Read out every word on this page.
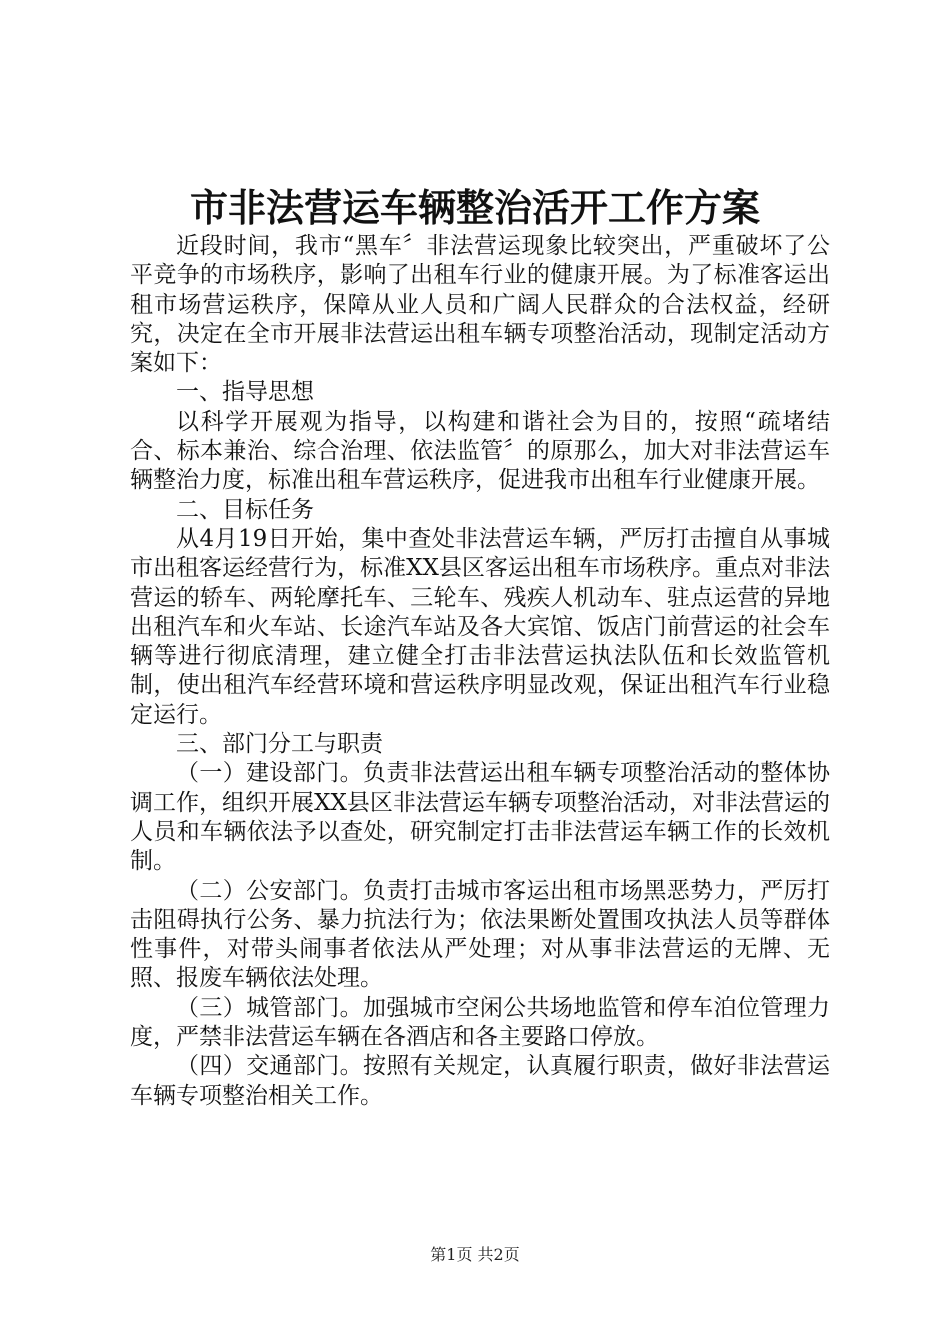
市非法营运车辆整治活开工作方案

近段时间，我市“黑车〞非法营运现象比较突出，严重破坏了公平竞争的市场秩序，影响了出租车行业的健康开展。为了标准客运出租市场营运秩序，保障从业人员和广阔人民群众的合法权益，经研究，决定在全市开展非法营运出租车辆专项整治活动，现制定活动方案如下：

一、指导思想

以科学开展观为指导，以构建和谐社会为目的，按照“疏堵结合、标本兼治、综合治理、依法监管〞的原那么，加大对非法营运车辆整治力度，标准出租车营运秩序，促进我市出租车行业健康开展。

二、目标任务

从4月19日开始，集中查处非法营运车辆，严厉打击擅自从事城市出租客运经营行为，标准XX县区客运出租车市场秩序。重点对非法营运的轿车、两轮摩托车、三轮车、残疾人机动车、驻点运营的异地出租汽车和火车站、长途汽车站及各大宾馆、饭店门前营运的社会车辆等进行彻底清理，建立健全打击非法营运执法队伍和长效监管机制，使出租汽车经营环境和营运秩序明显改观，保证出租汽车行业稳定运行。

三、部门分工与职责

（一）建设部门。负责非法营运出租车辆专项整治活动的整体协调工作，组织开展XX县区非法营运车辆专项整治活动，对非法营运的人员和车辆依法予以查处，研究制定打击非法营运车辆工作的长效机制。

（二）公安部门。负责打击城市客运出租市场黑恶势力，严厉打击阻碍执行公务、暴力抗法行为；依法果断处置围攻执法人员等群体性事件，对带头闹事者依法从严处理；对从事非法营运的无牌、无照、报废车辆依法处理。

（三）城管部门。加强城市空闲公共场地监管和停车泊位管理力度，严禁非法营运车辆在各酒店和各主要路口停放。

（四）交通部门。按照有关规定，认真履行职责，做好非法营运车辆专项整治相关工作。

第1页 共2页
